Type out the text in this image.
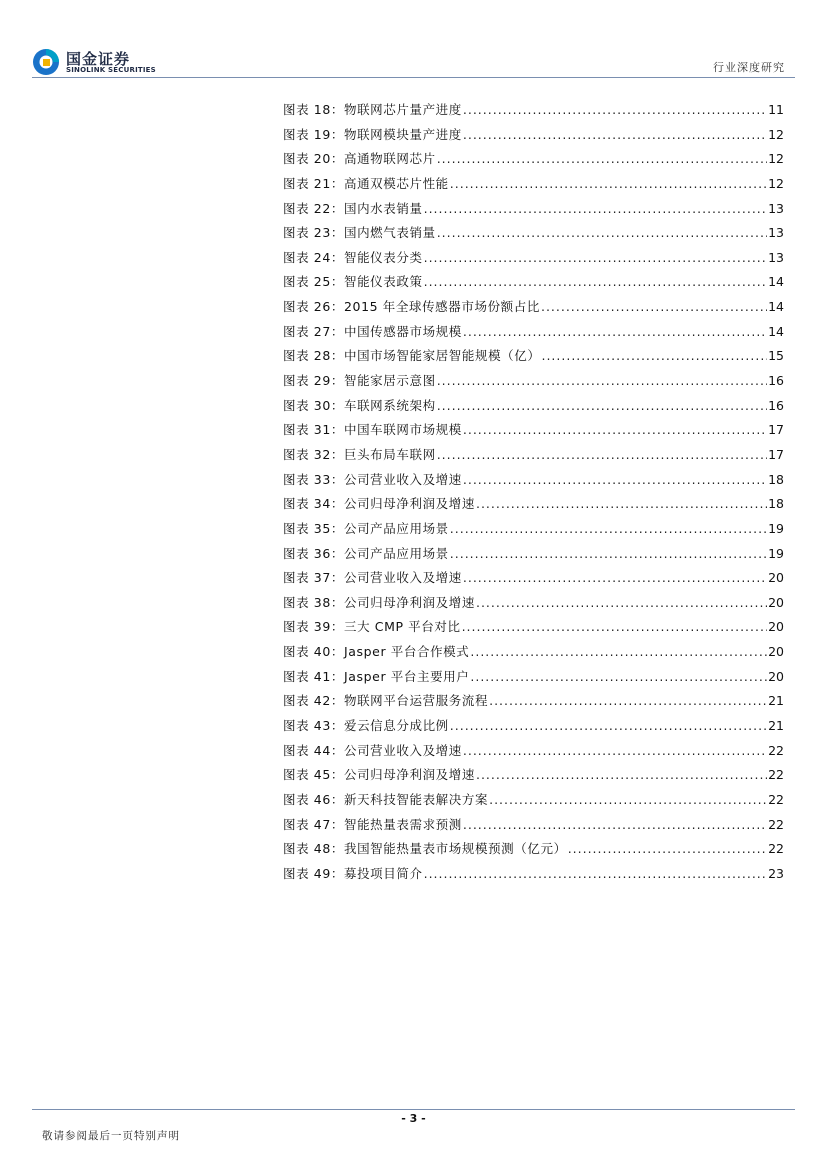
国金证券
SINOLINK SECURITIES	行业深度研究
图表 18：物联网芯片量产进度 .....	11
图表 19：物联网模块量产进度 .....	12
图表 20：高通物联网芯片 .....	12
图表 21：高通双模芯片性能 .....	12
图表 22：国内水表销量 .....	13
图表 23：国内燃气表销量 .....	13
图表 24：智能仪表分类 .....	13
图表 25：智能仪表政策 .....	14
图表 26：2015 年全球传感器市场份额占比 .....	14
图表 27：中国传感器市场规模 .....	14
图表 28：中国市场智能家居智能规模（亿） .....	15
图表 29：智能家居示意图 .....	16
图表 30：车联网系统架构 .....	16
图表 31：中国车联网市场规模 .....	17
图表 32：巨头布局车联网 .....	17
图表 33：公司营业收入及增速 .....	18
图表 34：公司归母净利润及增速 .....	18
图表 35：公司产品应用场景 .....	19
图表 36：公司产品应用场景 .....	19
图表 37：公司营业收入及增速 .....	20
图表 38：公司归母净利润及增速 .....	20
图表 39：三大 CMP 平台对比 .....	20
图表 40：Jasper 平台合作模式 .....	20
图表 41：Jasper 平台主要用户 .....	20
图表 42：物联网平台运营服务流程 .....	21
图表 43：爱云信息分成比例 .....	21
图表 44：公司营业收入及增速 .....	22
图表 45：公司归母净利润及增速 .....	22
图表 46：新天科技智能表解决方案 .....	22
图表 47：智能热量表需求预测 .....	22
图表 48：我国智能热量表市场规模预测（亿元） .....	22
图表 49：募投项目简介 .....	23
- 3 -
敬请参阅最后一页特别声明
